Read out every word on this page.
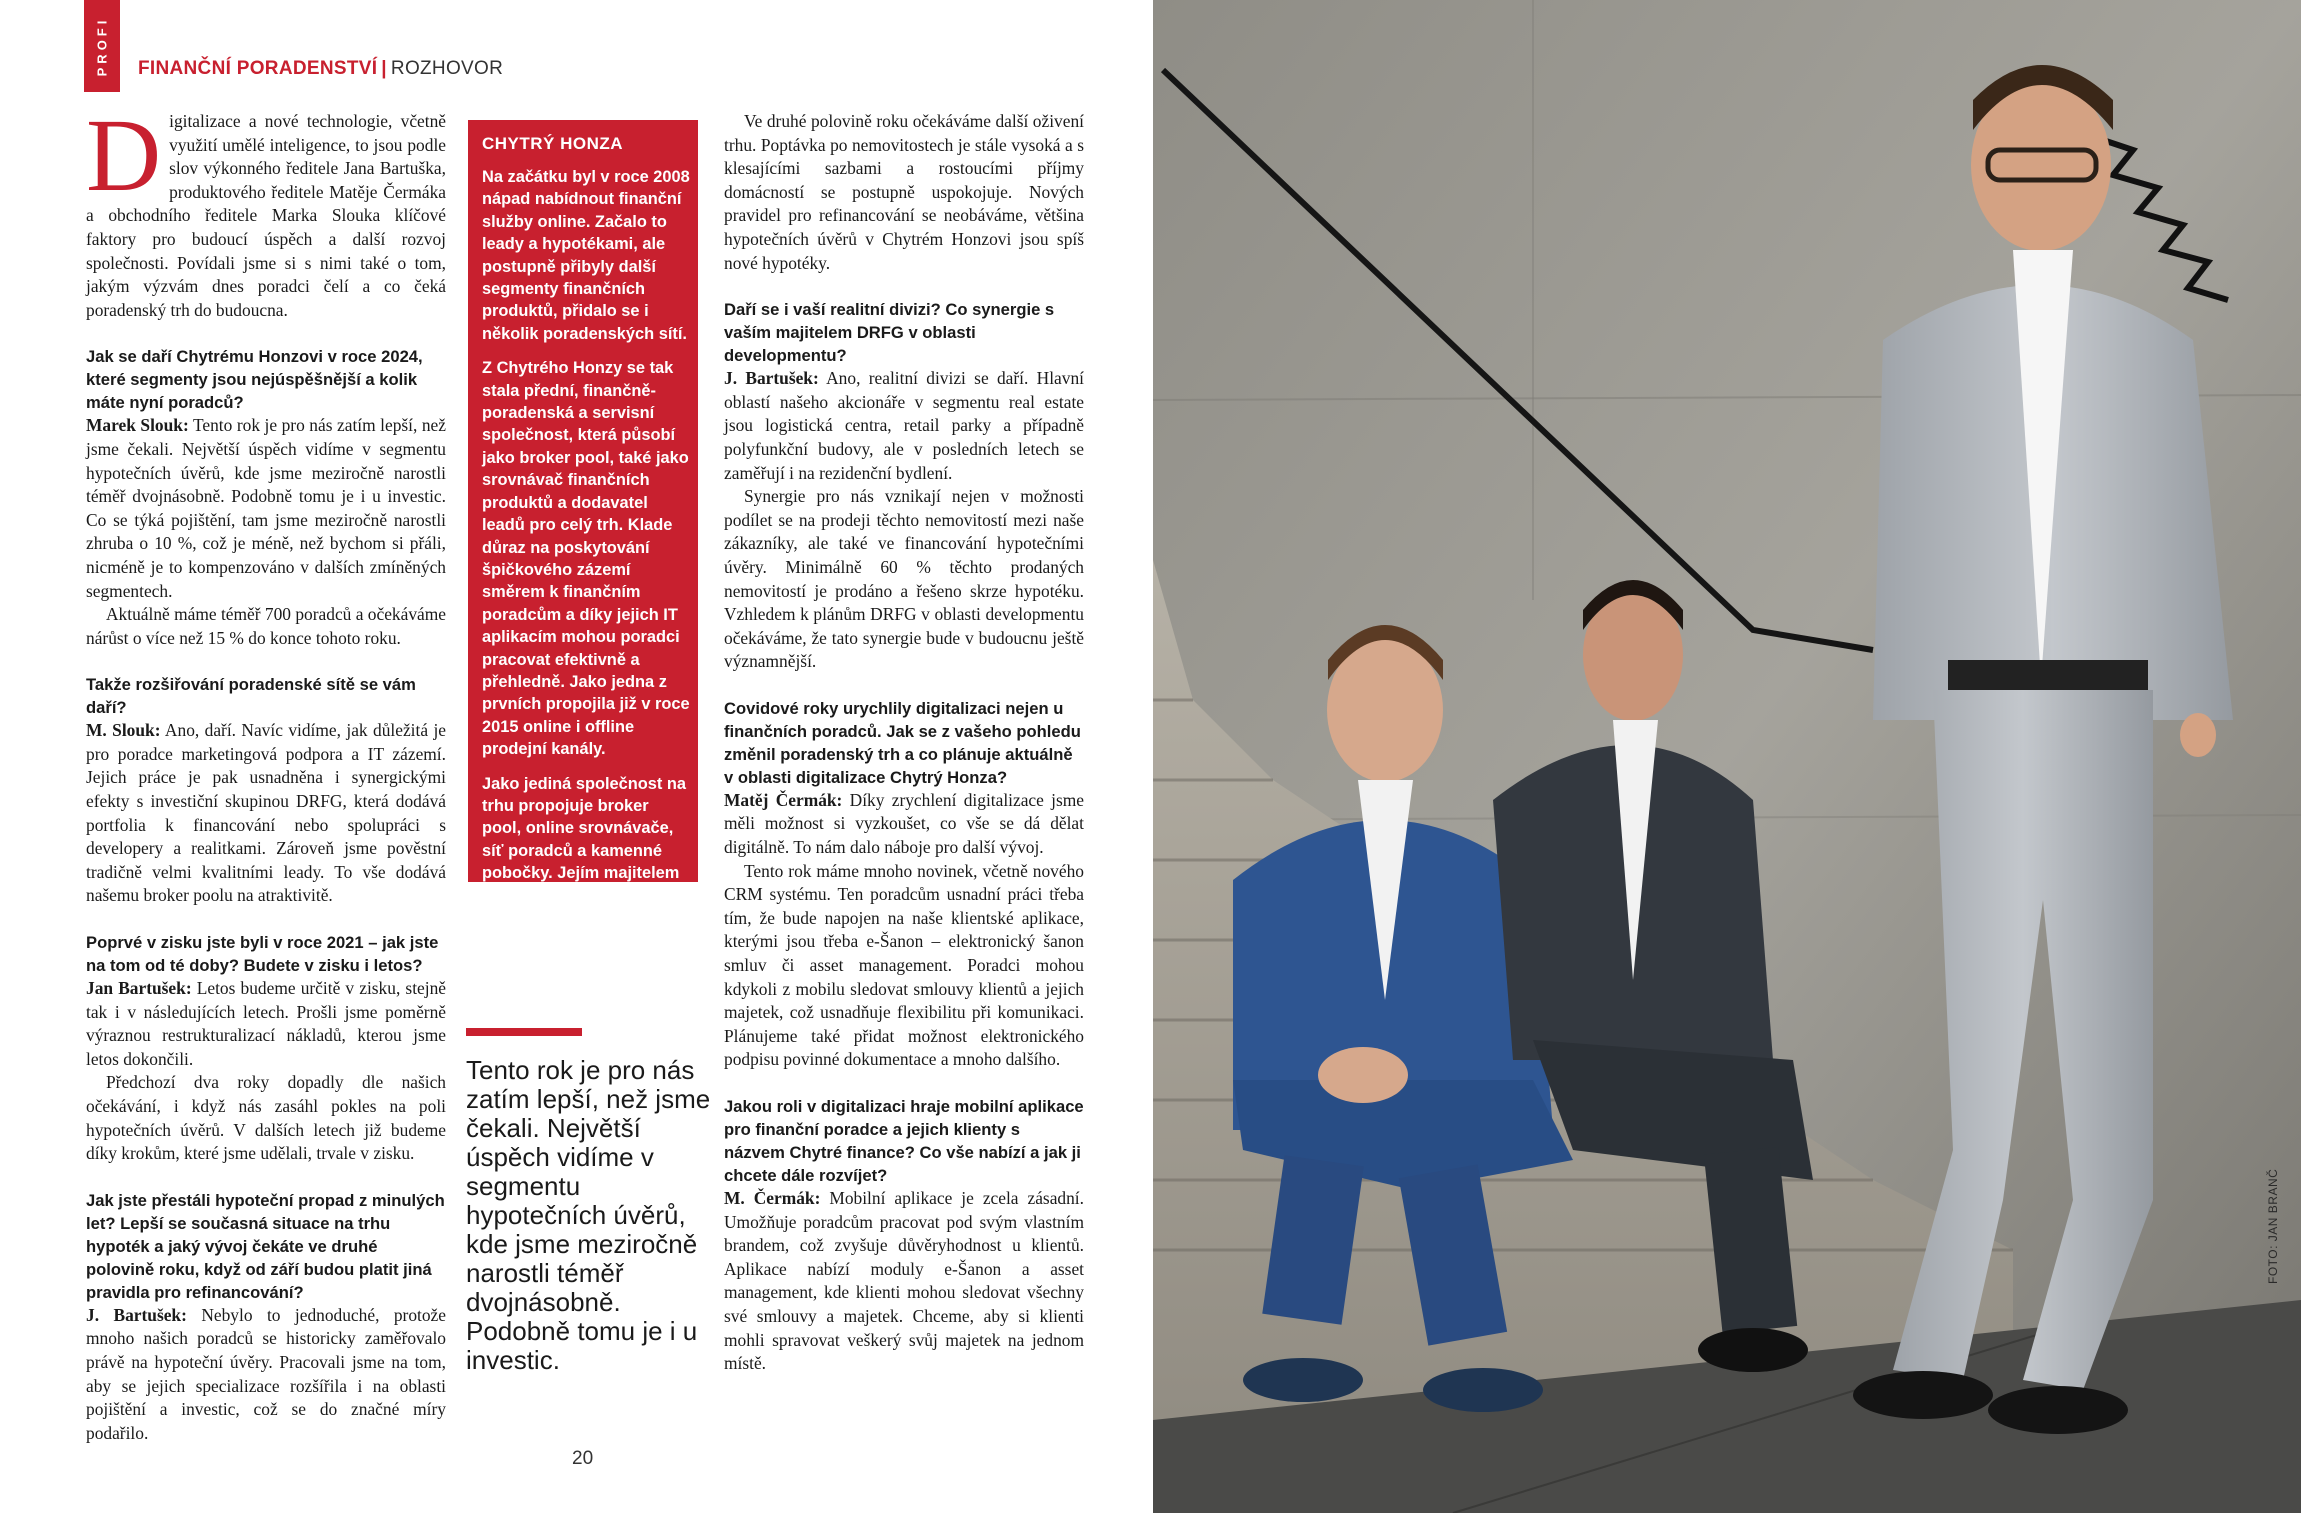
PROFI FINANČNÍ PORADENSTVÍ | ROZHOVOR

Digitalizace a nové technologie, včetně využití umělé inteligence, to jsou podle slov výkonného ředitele Jana Bartuška, produktového ředitele Matěje Čermáka a obchodního ředitele Marka Slouka klíčové faktory pro budoucí úspěch a další rozvoj společnosti. Povídali jsme si s nimi také o tom, jakým výzvám dnes poradci čelí a co čeká poradenský trh do budoucna.

Jak se daří Chytrému Honzovi v roce 2024, které segmenty jsou nejúspěšnější a kolik máte nyní poradců?

Marek Slouk: Tento rok je pro nás zatím lepší, než jsme čekali. Největší úspěch vidíme v segmentu hypotečních úvěrů, kde jsme meziročně narostli téměř dvojnásobně. Podobně tomu je i u investic. Co se týká pojištění, tam jsme meziročně narostli zhruba o 10 %, což je méně, než bychom si přáli, nicméně je to kompenzováno v dalších zmíněných segmentech.

Aktuálně máme téměř 700 poradců a očekáváme nárůst o více než 15 % do konce tohoto roku.

Takže rozšiřování poradenské sítě se vám daří?

M. Slouk: Ano, daří. Navíc vidíme, jak důležitá je pro poradce marketingová podpora a IT zázemí. Jejich práce je pak usnadněna i synergickými efekty s investiční skupinou DRFG, která dodává portfolia k financování nebo spolupráci s developery a realitkami. Zároveň jsme pověstní tradičně velmi kvalitními leady. To vše dodává našemu broker poolu na atraktivitě.

Poprvé v zisku jste byli v roce 2021 – jak jste na tom od té doby? Budete v zisku i letos?

Jan Bartušek: Letos budeme určitě v zisku, stejně tak i v následujících letech. Prošli jsme poměrně výraznou restrukturalizací nákladů, kterou jsme letos dokončili.

Předchozí dva roky dopadly dle našich očekávání, i když nás zasáhl pokles na poli hypotečních úvěrů. V dalších letech již budeme díky krokům, které jsme udělali, trvale v zisku.

Jak jste přestáli hypoteční propad z minulých let? Lepší se současná situace na trhu hypoték a jaký vývoj čekáte ve druhé polovině roku, když od září budou platit jiná pravidla pro refinancování?

J. Bartušek: Nebylo to jednoduché, protože mnoho našich poradců se historicky zaměřovalo právě na hypoteční úvěry. Pracovali jsme na tom, aby se jejich specializace rozšířila i na oblasti pojištění a investic, což se do značné míry podařilo.

CHYTRÝ HONZA

Na začátku byl v roce 2008 nápad nabídnout finanční služby online. Začalo to leady a hypotékami, ale postupně přibyly další segmenty finančních produktů, přidalo se i několik poradenských sítí.

Z Chytrého Honzy se tak stala přední, finančně-poradenská a servisní společnost, která působí jako broker pool, také jako srovnávač finančních produktů a dodavatel leadů pro celý trh. Klade důraz na poskytování špičkového zázemí směrem k finančním poradcům a díky jejich IT aplikacím mohou poradci pracovat efektivně a přehledně. Jako jedna z prvních propojila již v roce 2015 online i offline prodejní kanály.

Jako jediná společnost na trhu propojuje broker pool, online srovnávače, síť poradců a kamenné pobočky. Jejím majitelem je investiční skupina DRFG.

Tento rok je pro nás zatím lepší, než jsme čekali. Největší úspěch vidíme v segmentu hypotečních úvěrů, kde jsme meziročně narostli téměř dvojnásobně. Podobně tomu je i u investic.

Ve druhé polovině roku očekáváme další oživení trhu. Poptávka po nemovitostech je stále vysoká a s klesajícími sazbami a rostoucími příjmy domácností se postupně uspokojuje. Nových pravidel pro refinancování se neobáváme, většina hypotečních úvěrů v Chytrém Honzovi jsou spíš nové hypotéky.

Daří se i vaší realitní divizi? Co synergie s vaším majitelem DRFG v oblasti developmentu?

J. Bartušek: Ano, realitní divizi se daří. Hlavní oblastí našeho akcionáře v segmentu real estate jsou logistická centra, retail parky a případně polyfunkční budovy, ale v posledních letech se zaměřují i na rezidenční bydlení.

Synergie pro nás vznikají nejen v možnosti podílet se na prodeji těchto nemovitostí mezi naše zákazníky, ale také ve financování hypotečními úvěry. Minimálně 60 % těchto prodaných nemovitostí je prodáno a řešeno skrze hypotéku. Vzhledem k plánům DRFG v oblasti developmentu očekáváme, že tato synergie bude v budoucnu ještě významnější.

Covidové roky urychlily digitalizaci nejen u finančních poradců. Jak se z vašeho pohledu změnil poradenský trh a co plánuje aktuálně v oblasti digitalizace Chytrý Honza?

Matěj Čermák: Díky zrychlení digitalizace jsme měli možnost si vyzkoušet, co vše se dá dělat digitálně. To nám dalo náboje pro další vývoj.

Tento rok máme mnoho novinek, včetně nového CRM systému. Ten poradcům usnadní práci třeba tím, že bude napojen na naše klientské aplikace, kterými jsou třeba e-Šanon – elektronický šanon smluv či asset management. Poradci mohou kdykoli z mobilu sledovat smlouvy klientů a jejich majetek, což usnadňuje flexibilitu při komunikaci. Plánujeme také přidat možnost elektronického podpisu povinné dokumentace a mnoho dalšího.

Jakou roli v digitalizaci hraje mobilní aplikace pro finanční poradce a jejich klienty s názvem Chytré finance? Co vše nabízí a jak ji chcete dále rozvíjet?

M. Čermák: Mobilní aplikace je zcela zásadní. Umožňuje poradcům pracovat pod svým vlastním brandem, což zvyšuje důvěryhodnost u klientů. Aplikace nabízí moduly e-Šanon a asset management, kde klienti mohou sledovat všechny své smlouvy a majetek. Chceme, aby si klienti mohli spravovat veškerý svůj majetek na jednom místě.

20
FOTO: JAN BRANČ
